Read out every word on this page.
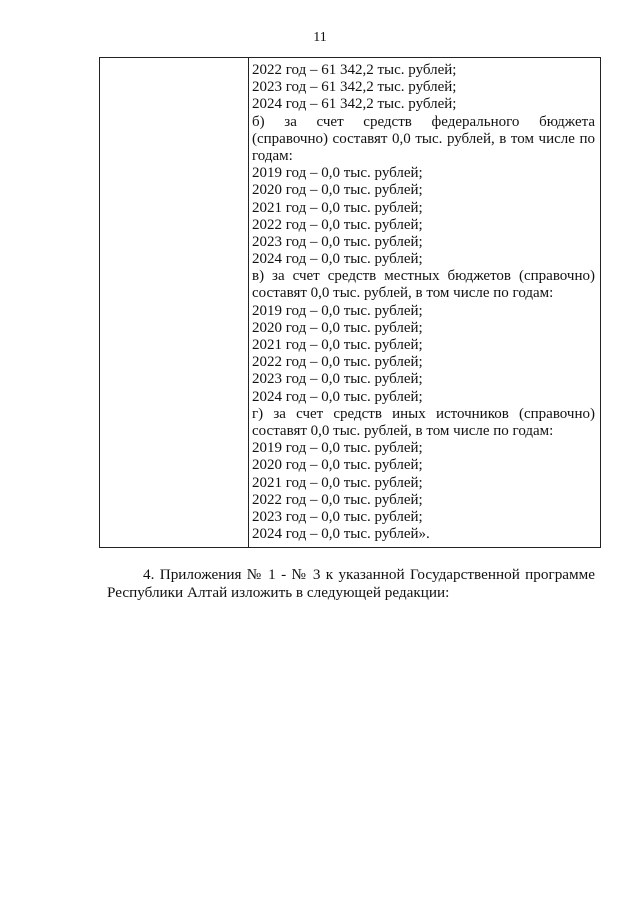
11
2022 год – 61 342,2 тыс. рублей;
2023 год – 61 342,2 тыс. рублей;
2024 год – 61 342,2 тыс. рублей;
б) за счет средств федерального бюджета
(справочно) составят 0,0 тыс. рублей, в том числе по
годам:
2019 год – 0,0 тыс. рублей;
2020 год – 0,0 тыс. рублей;
2021 год – 0,0 тыс. рублей;
2022 год – 0,0 тыс. рублей;
2023 год – 0,0 тыс. рублей;
2024 год – 0,0 тыс. рублей;
в) за счет средств местных бюджетов (справочно)
составят 0,0 тыс. рублей, в том числе по годам:
2019 год – 0,0 тыс. рублей;
2020 год – 0,0 тыс. рублей;
2021 год – 0,0 тыс. рублей;
2022 год – 0,0 тыс. рублей;
2023 год – 0,0 тыс. рублей;
2024 год – 0,0 тыс. рублей;
г) за счет средств иных источников (справочно)
составят 0,0 тыс. рублей, в том числе по годам:
2019 год – 0,0 тыс. рублей;
2020 год – 0,0 тыс. рублей;
2021 год – 0,0 тыс. рублей;
2022 год – 0,0 тыс. рублей;
2023 год – 0,0 тыс. рублей;
2024 год – 0,0 тыс. рублей».
4. Приложения № 1 - № 3 к указанной Государственной программе
Республики Алтай изложить в следующей редакции:
